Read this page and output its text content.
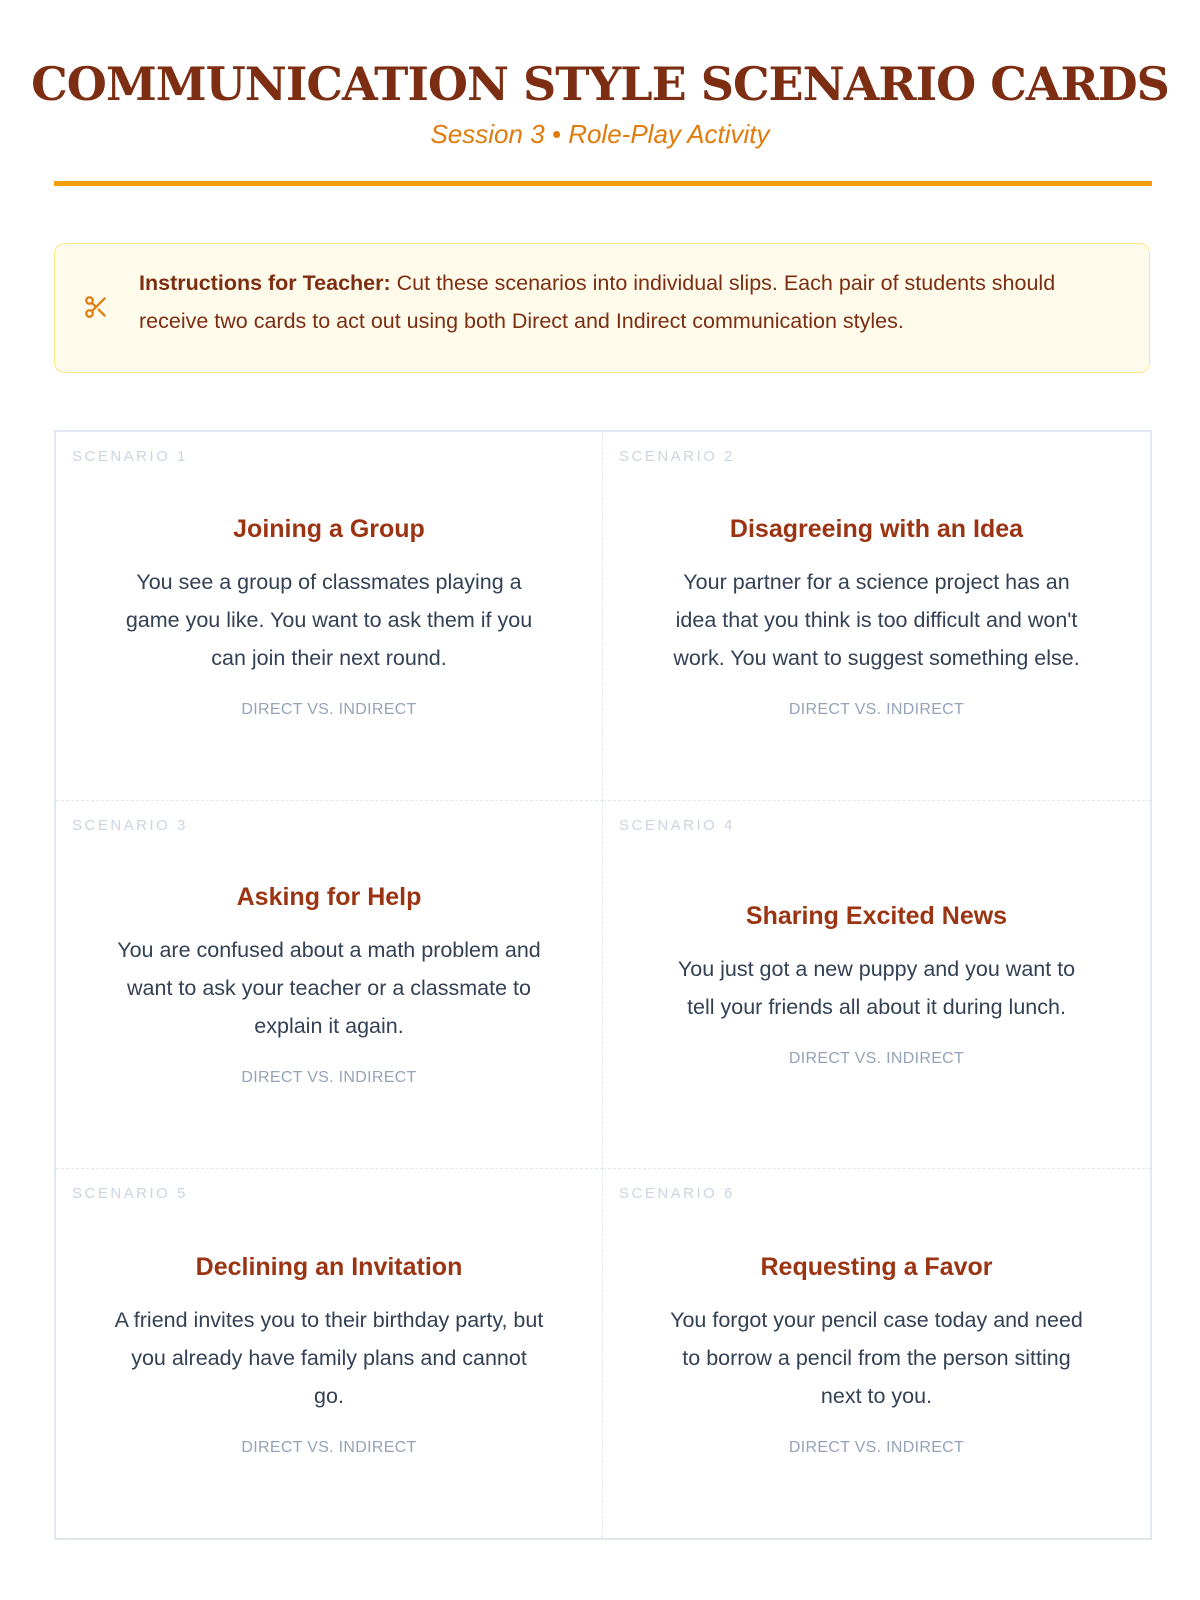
COMMUNICATION STYLE SCENARIO CARDS
Session 3 • Role-Play Activity
Instructions for Teacher: Cut these scenarios into individual slips. Each pair of students should receive two cards to act out using both Direct and Indirect communication styles.
SCENARIO 1
Joining a Group
You see a group of classmates playing a game you like. You want to ask them if you can join their next round.
DIRECT VS. INDIRECT
SCENARIO 2
Disagreeing with an Idea
Your partner for a science project has an idea that you think is too difficult and won't work. You want to suggest something else.
DIRECT VS. INDIRECT
SCENARIO 3
Asking for Help
You are confused about a math problem and want to ask your teacher or a classmate to explain it again.
DIRECT VS. INDIRECT
SCENARIO 4
Sharing Excited News
You just got a new puppy and you want to tell your friends all about it during lunch.
DIRECT VS. INDIRECT
SCENARIO 5
Declining an Invitation
A friend invites you to their birthday party, but you already have family plans and cannot go.
DIRECT VS. INDIRECT
SCENARIO 6
Requesting a Favor
You forgot your pencil case today and need to borrow a pencil from the person sitting next to you.
DIRECT VS. INDIRECT
